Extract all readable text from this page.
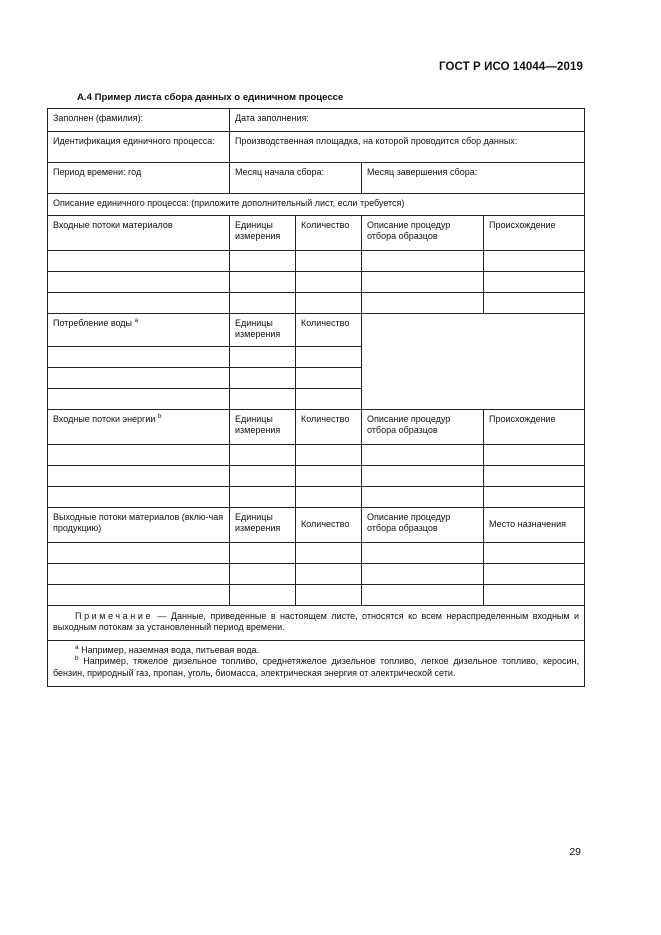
ГОСТ Р ИСО 14044—2019
А.4 Пример листа сбора данных о единичном процессе
Заполнен (фамилия):	Дата заполнения:			
Идентификация единичного процесса:	Производственная площадка, на которой проводится сбор данных:			
Период времени: год	Месяц начала сбора:		Месяц завершения сбора:	
Описание единичного процесса: (приложите дополнительный лист, если требуется)				
Входные потоки материалов	Единицы измерения	Количество	Описание процедур отбора образцов	Происхождение

Потребление воды $^a$	Единицы измерения	Количество		

Входные потоки энергии $^b$	Единицы измерения	Количество	Описание процедур отбора образцов	Происхождение

Выходные потоки материалов (вклю-чая продукцию)	Единицы измерения	Количество	Описание процедур отбора образцов	Место назначения

Примечание — Данные, приведенные в настоящем листе, относятся ко всем нераспределенным входным и выходным потокам за установленный период времени.				

$^a$ Например, наземная вода, питьевая вода.
$^b$ Например, тяжелое дизельное топливо, среднетяжелое дизельное топливо, легкое дизельное топливо, керосин, бензин, природный газ, пропан, уголь, биомасса, электрическая энергия от электрической сети.				
29
